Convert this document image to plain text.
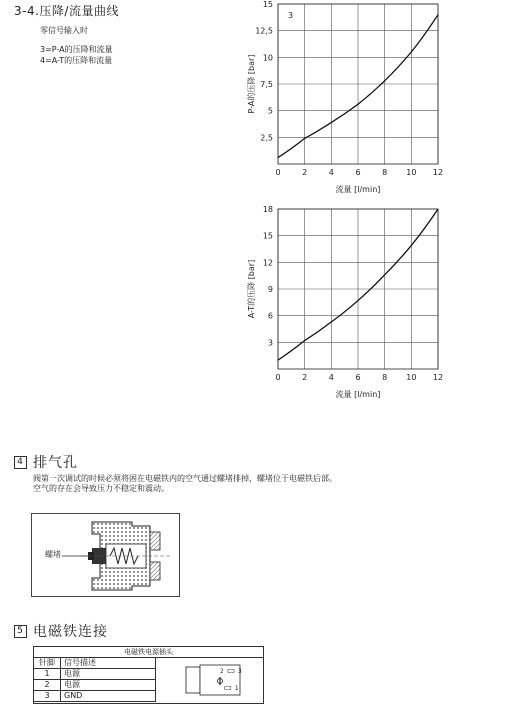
3-4.压降/流量曲线
零信号输入时
3=P-A的压降和流量
4=A-T的压降和流量
0	2	4	6	8 10 12
2,5
5
7,5
10
12,5
15
3
流量 [l/min]
P-A的压降 [bar]
0	2	4	6	8 10 12
3
6
9
12
15
18
流量 [l/min]
A-T的压降 [bar]
4 排气孔
阀第一次调试的时候必须将困在电磁铁内的空气通过螺堵排掉，螺堵位于电磁铁后部。
空气的存在会导致压力不稳定和震动。
螺堵
5 电磁铁连接
电磁铁电源插头
针脚	信号描述
1	电源
2	电源
3	GND
2 ⊏⊐ 3
⊏⊐ 1
